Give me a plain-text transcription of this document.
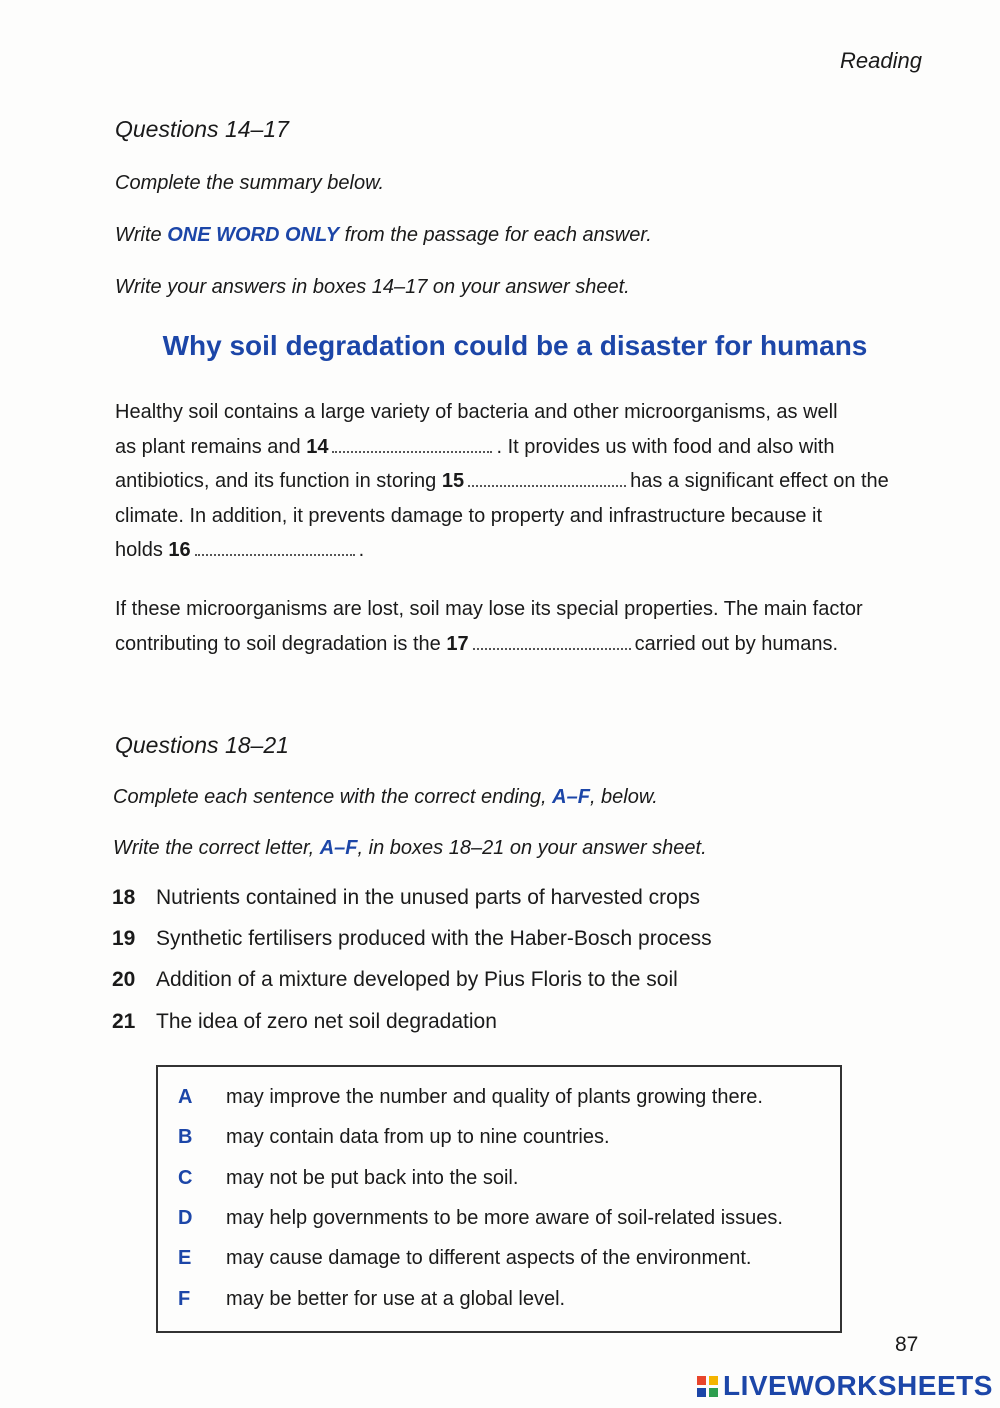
Reading
Questions 14–17
Complete the summary below.
Write ONE WORD ONLY from the passage for each answer.
Write your answers in boxes 14–17 on your answer sheet.
Why soil degradation could be a disaster for humans
Healthy soil contains a large variety of bacteria and other microorganisms, as well
as plant remains and 14	. It provides us with food and also with
antibiotics, and its function in storing 15	has a significant effect on the
climate. In addition, it prevents damage to property and infrastructure because it
holds 16	.
If these microorganisms are lost, soil may lose its special properties. The main factor
contributing to soil degradation is the 17	carried out by humans.
Questions 18–21
Complete each sentence with the correct ending, A–F, below.
Write the correct letter, A–F, in boxes 18–21 on your answer sheet.
18 Nutrients contained in the unused parts of harvested crops
19 Synthetic fertilisers produced with the Haber-Bosch process
20 Addition of a mixture developed by Pius Floris to the soil
21 The idea of zero net soil degradation
A may improve the number and quality of plants growing there.
B may contain data from up to nine countries.
C may not be put back into the soil.
D may help governments to be more aware of soil-related issues.
E may cause damage to different aspects of the environment.
F may be better for use at a global level.
87
LIVEWORKSHEETS
